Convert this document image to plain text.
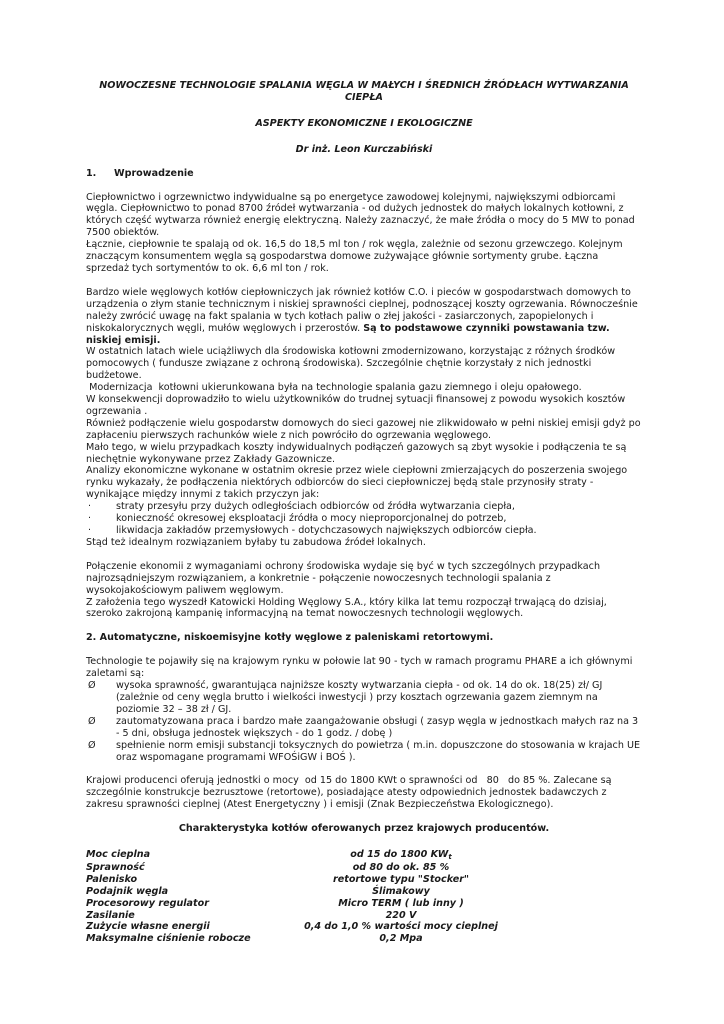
NOWOCZESNE TECHNOLOGIE SPALANIA WĘGLA W MAŁYCH I ŚREDNICH ŹRÓDŁACH WYTWARZANIA CIEPŁA

ASPEKTY EKONOMICZNE I EKOLOGICZNE

Dr inż. Leon Kurczabiński

1. Wprowadzenie

Ciepłownictwo i ogrzewnictwo indywidualne są po energetyce zawodowej kolejnymi, największymi odbiorcami węgla. Ciepłownictwo to ponad 8700 źródeł wytwarzania - od dużych jednostek do małych lokalnych kotłowni, z których część wytwarza również energię elektryczną. Należy zaznaczyć, że małe źródła o mocy do 5 MW to ponad 7500 obiektów.

Łącznie, ciepłownie te spalają od ok. 16,5 do 18,5 ml ton / rok węgla, zależnie od sezonu grzewczego. Kolejnym znaczącym konsumentem węgla są gospodarstwa domowe zużywające głównie sortymenty grube. Łączna sprzedaż tych sortymentów to ok. 6,6 ml ton / rok.

Bardzo wiele węglowych kotłów ciepłowniczych jak również kotłów C.O. i pieców w gospodarstwach domowych to urządzenia o złym stanie technicznym i niskiej sprawności cieplnej, podnoszącej koszty ogrzewania. Równocześnie należy zwrócić uwagę na fakt spalania w tych kotłach paliw o złej jakości - zasiarczonych, zapopielonych i niskokalorycznych węgli, mułów węglowych i przerostów. Są to podstawowe czynniki powstawania tzw. niskiej emisji.

W ostatnich latach wiele uciążliwych dla środowiska kotłowni zmodernizowano, korzystając z różnych środków pomocowych ( fundusze związane z ochroną środowiska). Szczególnie chętnie korzystały z nich jednostki budżetowe.

Modernizacja  kotłowni ukierunkowana była na technologie spalania gazu ziemnego i oleju opałowego.

W konsekwencji doprowadziło to wielu użytkowników do trudnej sytuacji finansowej z powodu wysokich kosztów ogrzewania .

Również podłączenie wielu gospodarstw domowych do sieci gazowej nie zlikwidowało w pełni niskiej emisji gdyż po zapłaceniu pierwszych rachunków wiele z nich powróciło do ogrzewania węglowego.

Mało tego, w wielu przypadkach koszty indywidualnych podłączeń gazowych są zbyt wysokie i podłączenia te są niechętnie wykonywane przez Zakłady Gazownicze.

Analizy ekonomiczne wykonane w ostatnim okresie przez wiele ciepłowni zmierzających do poszerzenia swojego rynku wykazały, że podłączenia niektórych odbiorców do sieci ciepłowniczej będą stale przynosiły straty - wynikające między innymi z takich przyczyn jak:

·	straty przesyłu przy dużych odległościach odbiorców od źródła wytwarzania ciepła,
·	konieczność okresowej eksploatacji źródła o mocy nieproporcjonalnej do potrzeb,
·	likwidacja zakładów przemysłowych - dotychczasowych największych odbiorców ciepła.

Stąd też idealnym rozwiązaniem byłaby tu zabudowa źródeł lokalnych.

Połączenie ekonomii z wymaganiami ochrony środowiska wydaje się być w tych szczególnych przypadkach najrozsądniejszym rozwiązaniem, a konkretnie - połączenie nowoczesnych technologii spalania z wysokojakościowym paliwem węglowym.

Z założenia tego wyszedł Katowicki Holding Węglowy S.A., który kilka lat temu rozpoczął trwającą do dzisiaj, szeroko zakrojoną kampanię informacyjną na temat nowoczesnych technologii węglowych.

2. Automatyczne, niskoemisyjne kotły węglowe z paleniskami retortowymi.

Technologie te pojawiły się na krajowym rynku w połowie lat 90 - tych w ramach programu PHARE a ich głównymi zaletami są:

Ø	wysoka sprawność, gwarantująca najniższe koszty wytwarzania ciepła - od ok. 14 do ok. 18(25) zł/ GJ (zależnie od ceny węgla brutto i wielkości inwestycji ) przy kosztach ogrzewania gazem ziemnym na poziomie 32 – 38 zł / GJ.
Ø	zautomatyzowana praca i bardzo małe zaangażowanie obsługi ( zasyp węgla w jednostkach małych raz na 3 - 5 dni, obsługa jednostek większych - do 1 godz. / dobę )
Ø	spełnienie norm emisji substancji toksycznych do powietrza ( m.in. dopuszczone do stosowania w krajach UE oraz wspomagane programami WFOŚiGW i BOŚ ).

Krajowi producenci oferują jednostki o mocy  od 15 do 1800 KWt o sprawności od   80   do 85 %. Zalecane są szczególnie konstrukcje bezrusztowe (retortowe), posiadające atesty odpowiednich jednostek badawczych z zakresu sprawności cieplnej (Atest Energetyczny ) i emisji (Znak Bezpieczeństwa Ekologicznego).

Charakterystyka kotłów oferowanych przez krajowych producentów.

Moc cieplna	od 15 do 1800 $KW_t$
Sprawność	od 80 do ok. 85 %
Palenisko	retortowe typu "Stocker"
Podajnik węgla	Ślimakowy
Procesorowy regulator	Micro TERM ( lub inny )
Zasilanie	220 V
Zużycie własne energii	0,4 do 1,0 % wartości mocy cieplnej
Maksymalne ciśnienie robocze	0,2 Mpa
